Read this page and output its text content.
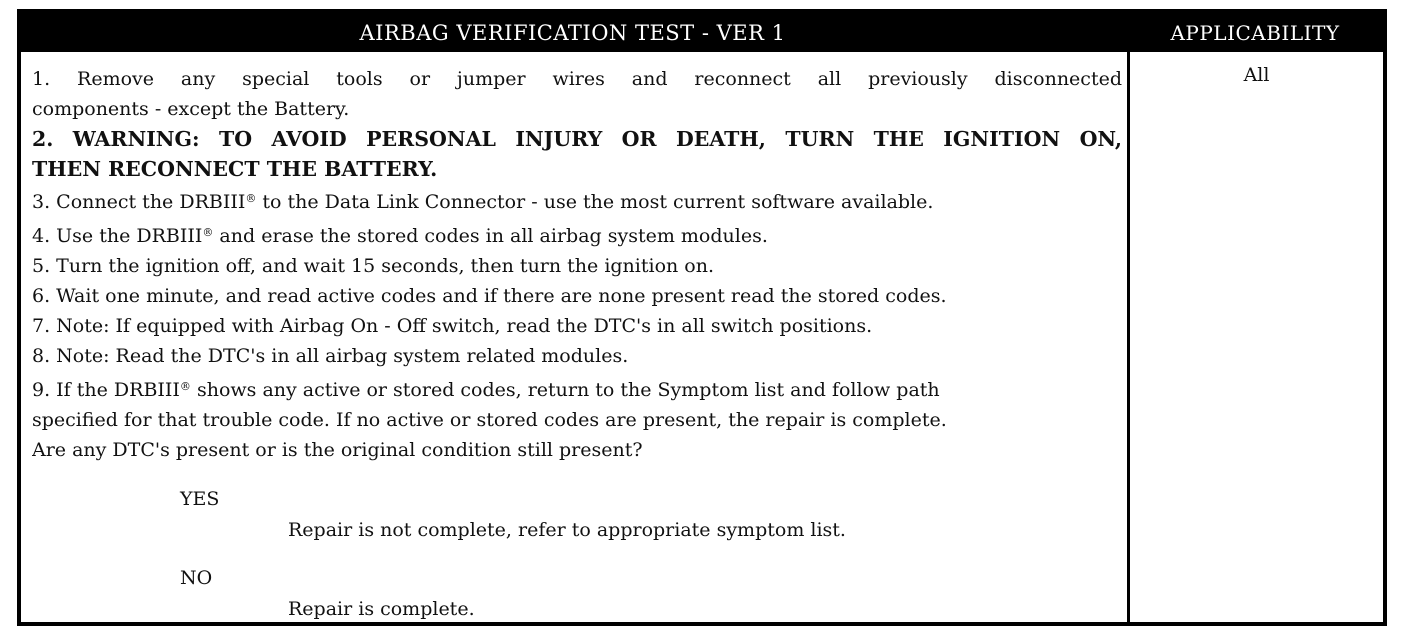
AIRBAG VERIFICATION TEST - VER 1	APPLICABILITY
1. Remove any special tools or jumper wires and reconnect all previously disconnected
components - except the Battery.
2. WARNING: TO AVOID PERSONAL INJURY OR DEATH, TURN THE IGNITION ON,
THEN RECONNECT THE BATTERY.
3. Connect the DRBIII® to the Data Link Connector - use the most current software available.
4. Use the DRBIII® and erase the stored codes in all airbag system modules.
5. Turn the ignition off, and wait 15 seconds, then turn the ignition on.
6. Wait one minute, and read active codes and if there are none present read the stored codes.
7. Note: If equipped with Airbag On - Off switch, read the DTC's in all switch positions.
8. Note: Read the DTC's in all airbag system related modules.
9. If the DRBIII® shows any active or stored codes, return to the Symptom list and follow path
specified for that trouble code. If no active or stored codes are present, the repair is complete.
Are any DTC's present or is the original condition still present?
YES
Repair is not complete, refer to appropriate symptom list.
NO
Repair is complete.
All
